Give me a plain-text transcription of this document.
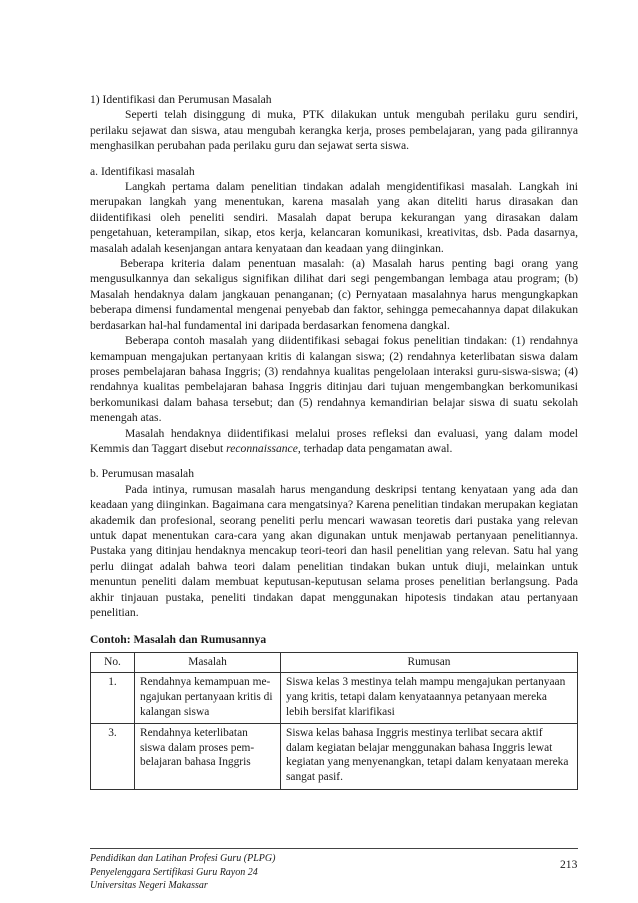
1) Identifikasi dan Perumusan Masalah

Seperti telah disinggung di muka, PTK dilakukan untuk mengubah perilaku guru sendiri, perilaku sejawat dan siswa, atau mengubah kerangka kerja, proses pembelajaran, yang pada gilirannya menghasilkan perubahan pada perilaku guru dan sejawat serta siswa.

a. Identifikasi masalah

Langkah pertama dalam penelitian tindakan adalah mengidentifikasi masalah. Langkah ini merupakan langkah yang menentukan, karena masalah yang akan diteliti harus dirasakan dan diidentifikasi oleh peneliti sendiri. Masalah dapat berupa kekurangan yang dirasakan dalam pengetahuan, keterampilan, sikap, etos kerja, kelancaran komunikasi, kreativitas, dsb. Pada dasarnya, masalah adalah kesenjangan antara kenyataan dan keadaan yang diinginkan.

Beberapa kriteria dalam penentuan masalah: (a) Masalah harus penting bagi orang yang mengusulkannya dan sekaligus signifikan dilihat dari segi pengembangan lembaga atau program; (b) Masalah hendaknya dalam jangkauan penanganan; (c) Pernyataan masalahnya harus mengungkapkan beberapa dimensi fundamental mengenai penyebab dan faktor, sehingga pemecahannya dapat dilakukan berdasarkan hal-hal fundamental ini daripada berdasarkan fenomena dangkal.

Beberapa contoh masalah yang diidentifikasi sebagai fokus penelitian tindakan: (1) rendahnya kemampuan mengajukan pertanyaan kritis di kalangan siswa; (2) rendahnya keterlibatan siswa dalam proses pembelajaran bahasa Inggris; (3) rendahnya kualitas pengelolaan interaksi guru-siswa-siswa; (4) rendahnya kualitas pembelajaran bahasa Inggris ditinjau dari tujuan mengembangkan berkomunikasi berkomunikasi dalam bahasa tersebut; dan (5) rendahnya kemandirian belajar siswa di suatu sekolah menengah atas.

Masalah hendaknya diidentifikasi melalui proses refleksi dan evaluasi, yang dalam model Kemmis dan Taggart disebut reconnaissance, terhadap data pengamatan awal.

b. Perumusan masalah

Pada intinya, rumusan masalah harus mengandung deskripsi tentang kenyataan yang ada dan keadaan yang diinginkan. Bagaimana cara mengatsinya? Karena penelitian tindakan merupakan kegiatan akademik dan profesional, seorang peneliti perlu mencari wawasan teoretis dari pustaka yang relevan untuk dapat menentukan cara-cara yang akan digunakan untuk menjawab pertanyaan penelitiannya. Pustaka yang ditinjau hendaknya mencakup teori-teori dan hasil penelitian yang relevan. Satu hal yang perlu diingat adalah bahwa teori dalam penelitian tindakan bukan untuk diuji, melainkan untuk menuntun peneliti dalam membuat keputusan-keputusan selama proses penelitian berlangsung. Pada akhir tinjauan pustaka, peneliti tindakan dapat menggunakan hipotesis tindakan atau pertanyaan penelitian.

Contoh: Masalah dan Rumusannya
No.	Masalah	Rumusan
1.	Rendahnya kemampuan me-ngajukan pertanyaan kritis di kalangan siswa	Siswa kelas 3 mestinya telah mampu mengajukan pertanyaan yang kritis, tetapi dalam kenyataannya petanyaan mereka lebih bersifat klarifikasi
3.	Rendahnya keterlibatan siswa dalam proses pem-belajaran bahasa Inggris	Siswa kelas bahasa Inggris mestinya terlibat secara aktif dalam kegiatan belajar menggunakan bahasa Inggris lewat kegiatan yang menyenangkan, tetapi dalam kenyataan mereka sangat pasif.
Pendidikan dan Latihan Profesi Guru (PLPG)
Penyelenggara Sertifikasi Guru Rayon 24
Universitas Negeri Makassar
213
